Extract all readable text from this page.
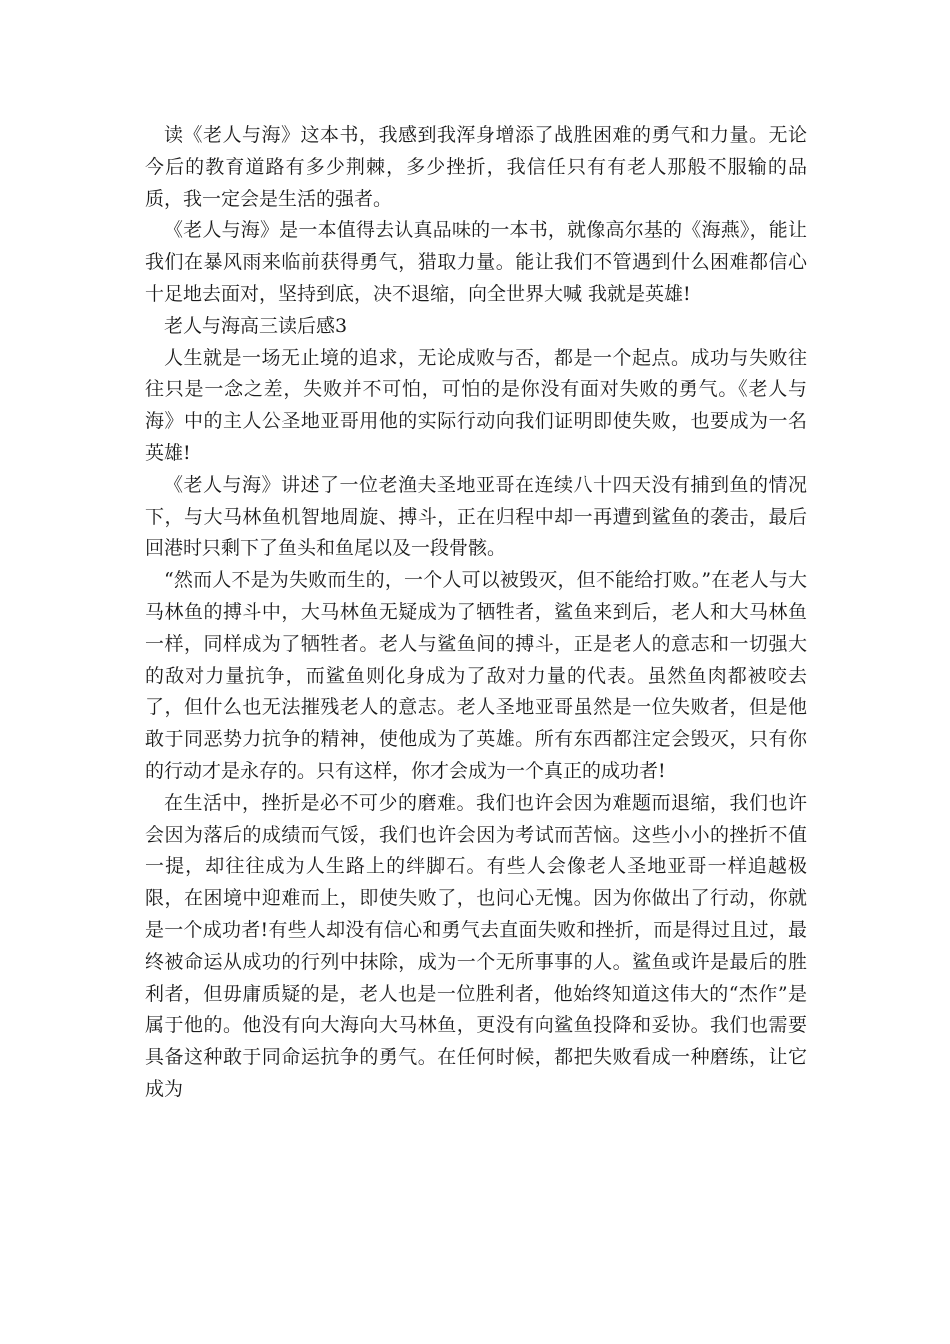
读《老人与海》这本书，我感到我浑身增添了战胜困难的勇气和力量。无论今后的教育道路有多少荆棘，多少挫折，我信任只有有老人那般不服输的品质，我一定会是生活的强者。

《老人与海》是一本值得去认真品味的一本书，就像高尔基的《海燕》，能让我们在暴风雨来临前获得勇气，猎取力量。能让我们不管遇到什么困难都信心十足地去面对，坚持到底，决不退缩，向全世界大喊 我就是英雄!

老人与海高三读后感3

人生就是一场无止境的追求，无论成败与否，都是一个起点。成功与失败往往只是一念之差，失败并不可怕，可怕的是你没有面对失败的勇气。《老人与海》中的主人公圣地亚哥用他的实际行动向我们证明即使失败，也要成为一名英雄!

《老人与海》讲述了一位老渔夫圣地亚哥在连续八十四天没有捕到鱼的情况下，与大马林鱼机智地周旋、搏斗，正在归程中却一再遭到鲨鱼的袭击，最后回港时只剩下了鱼头和鱼尾以及一段骨骸。

“然而人不是为失败而生的，一个人可以被毁灭，但不能给打败。”在老人与大马林鱼的搏斗中，大马林鱼无疑成为了牺牲者，鲨鱼来到后，老人和大马林鱼一样，同样成为了牺牲者。老人与鲨鱼间的搏斗，正是老人的意志和一切强大的敌对力量抗争，而鲨鱼则化身成为了敌对力量的代表。虽然鱼肉都被咬去了，但什么也无法摧残老人的意志。老人圣地亚哥虽然是一位失败者，但是他敢于同恶势力抗争的精神，使他成为了英雄。所有东西都注定会毁灭，只有你的行动才是永存的。只有这样，你才会成为一个真正的成功者!

在生活中，挫折是必不可少的磨难。我们也许会因为难题而退缩，我们也许会因为落后的成绩而气馁，我们也许会因为考试而苦恼。这些小小的挫折不值一提，却往往成为人生路上的绊脚石。有些人会像老人圣地亚哥一样追越极限，在困境中迎难而上，即使失败了，也问心无愧。因为你做出了行动，你就是一个成功者!有些人却没有信心和勇气去直面失败和挫折，而是得过且过，最终被命运从成功的行列中抹除，成为一个无所事事的人。鲨鱼或许是最后的胜利者，但毋庸质疑的是，老人也是一位胜利者，他始终知道这伟大的“杰作”是属于他的。他没有向大海向大马林鱼，更没有向鲨鱼投降和妥协。我们也需要具备这种敢于同命运抗争的勇气。在任何时候，都把失败看成一种磨练，让它成为
